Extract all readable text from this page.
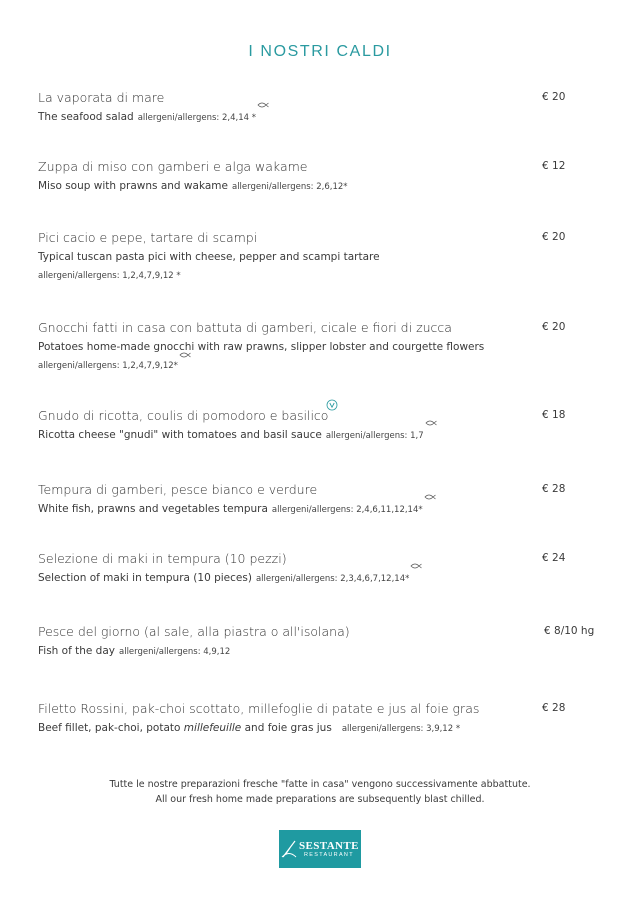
I NOSTRI CALDI
La vaporata di mare
The seafood salad allergeni/allergens: 2,4,14 *
€ 20
Zuppa di miso con gamberi e alga wakame
Miso soup with prawns and wakame allergeni/allergens: 2,6,12*
€ 12
Pici cacio e pepe, tartare di scampi
Typical tuscan pasta pici with cheese, pepper and scampi tartare
allergeni/allergens: 1,2,4,7,9,12 *
€ 20
Gnocchi fatti in casa con battuta di gamberi, cicale e fiori di zucca
Potatoes home-made gnocchi with raw prawns, slipper lobster and courgette flowers
allergeni/allergens: 1,2,4,7,9,12*
€ 20
Gnudo di ricotta, coulis di pomodoro e basilico
Ricotta cheese "gnudi" with tomatoes and basil sauce allergeni/allergens: 1,7
€ 18
Tempura di gamberi, pesce bianco e verdure
White fish, prawns and vegetables tempura allergeni/allergens: 2,4,6,11,12,14*
€ 28
Selezione di maki in tempura (10 pezzi)
Selection of maki in tempura (10 pieces) allergeni/allergens: 2,3,4,6,7,12,14*
€ 24
Pesce del giorno (al sale, alla piastra o all'isolana)
Fish of the day allergeni/allergens: 4,9,12
€ 8/10 hg
Filetto Rossini, pak-choi scottato, millefoglie di patate e jus al foie gras
Beef fillet, pak-choi, potato millefeuille and foie gras jus allergeni/allergens: 3,9,12 *
€ 28
Tutte le nostre preparazioni fresche "fatte in casa" vengono successivamente abbattute.
All our fresh home made preparations are subsequently blast chilled.
SESTANTE
RESTAURANT
